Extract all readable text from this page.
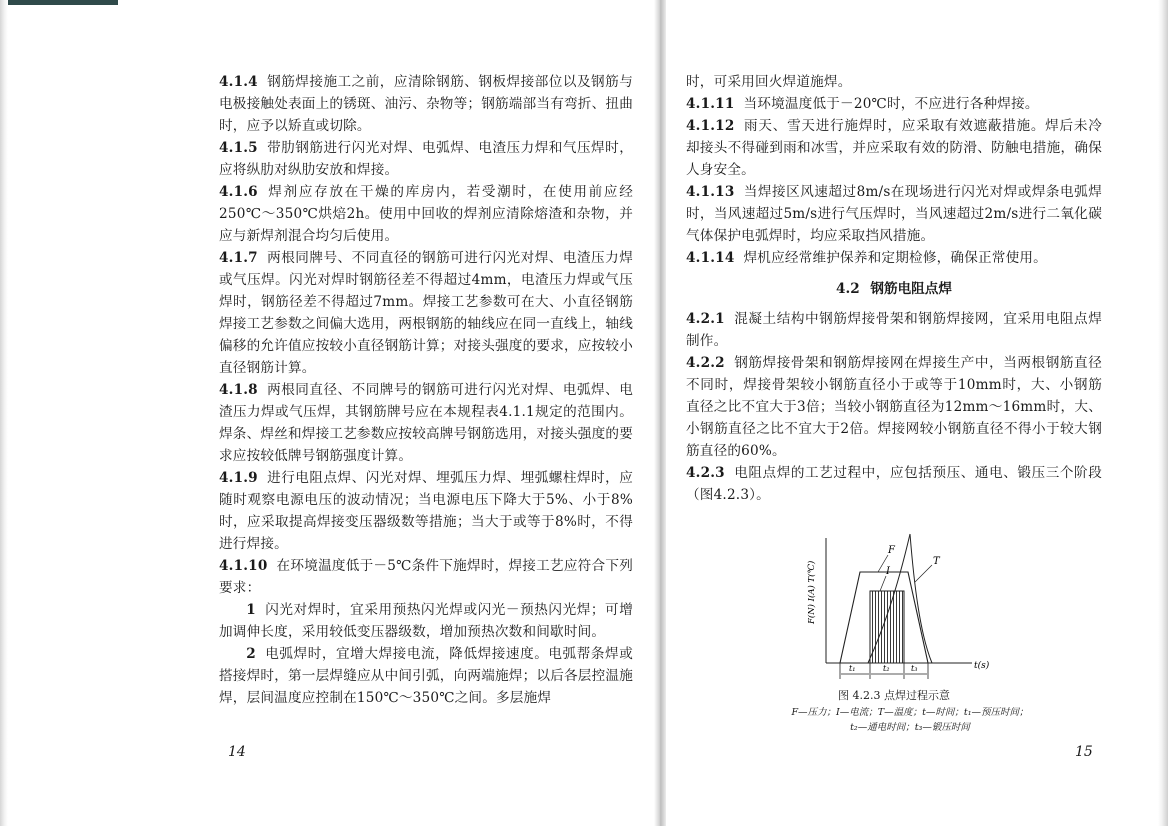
4.1.4 钢筋焊接施工之前，应清除钢筋、钢板焊接部位以及钢筋与电极接触处表面上的锈斑、油污、杂物等；钢筋端部当有弯折、扭曲时，应予以矫直或切除。

4.1.5 带肋钢筋进行闪光对焊、电弧焊、电渣压力焊和气压焊时，应将纵肋对纵肋安放和焊接。

4.1.6 焊剂应存放在干燥的库房内，若受潮时，在使用前应经250℃～350℃烘焙2h。使用中回收的焊剂应清除熔渣和杂物，并应与新焊剂混合均匀后使用。

4.1.7 两根同牌号、不同直径的钢筋可进行闪光对焊、电渣压力焊或气压焊。闪光对焊时钢筋径差不得超过4mm，电渣压力焊或气压焊时，钢筋径差不得超过7mm。焊接工艺参数可在大、小直径钢筋焊接工艺参数之间偏大选用，两根钢筋的轴线应在同一直线上，轴线偏移的允许值应按较小直径钢筋计算；对接头强度的要求，应按较小直径钢筋计算。

4.1.8 两根同直径、不同牌号的钢筋可进行闪光对焊、电弧焊、电渣压力焊或气压焊，其钢筋牌号应在本规程表4.1.1规定的范围内。焊条、焊丝和焊接工艺参数应按较高牌号钢筋选用，对接头强度的要求应按较低牌号钢筋强度计算。

4.1.9 进行电阻点焊、闪光对焊、埋弧压力焊、埋弧螺柱焊时，应随时观察电源电压的波动情况；当电源电压下降大于5%、小于8%时，应采取提高焊接变压器级数等措施；当大于或等于8%时，不得进行焊接。

4.1.10 在环境温度低于－5℃条件下施焊时，焊接工艺应符合下列要求：

1 闪光对焊时，宜采用预热闪光焊或闪光－预热闪光焊；可增加调伸长度，采用较低变压器级数，增加预热次数和间歇时间。

2 电弧焊时，宜增大焊接电流，降低焊接速度。电弧帮条焊或搭接焊时，第一层焊缝应从中间引弧，向两端施焊；以后各层控温施焊，层间温度应控制在150℃～350℃之间。多层施焊

14

时，可采用回火焊道施焊。

4.1.11 当环境温度低于－20℃时，不应进行各种焊接。

4.1.12 雨天、雪天进行施焊时，应采取有效遮蔽措施。焊后未冷却接头不得碰到雨和冰雪，并应采取有效的防滑、防触电措施，确保人身安全。

4.1.13 当焊接区风速超过8m/s在现场进行闪光对焊或焊条电弧焊时，当风速超过5m/s进行气压焊时，当风速超过2m/s进行二氧化碳气体保护电弧焊时，均应采取挡风措施。

4.1.14 焊机应经常维护保养和定期检修，确保正常使用。

4.2 钢筋电阻点焊

4.2.1 混凝土结构中钢筋焊接骨架和钢筋焊接网，宜采用电阻点焊制作。

4.2.2 钢筋焊接骨架和钢筋焊接网在焊接生产中，当两根钢筋直径不同时，焊接骨架较小钢筋直径小于或等于10mm时，大、小钢筋直径之比不宜大于3倍；当较小钢筋直径为12mm～16mm时，大、小钢筋直径之比不宜大于2倍。焊接网较小钢筋直径不得小于较大钢筋直径的60%。

4.2.3 电阻点焊的工艺过程中，应包括预压、通电、锻压三个阶段（图4.2.3）。

F
I
T
t₁	t₂	t₃	t(s)
F(N) I(A) T(℃)
图 4.2.3 点焊过程示意
F—压力；I—电流；T—温度；t—时间；t₁—预压时间；
t₂—通电时间；t₃—锻压时间
15
